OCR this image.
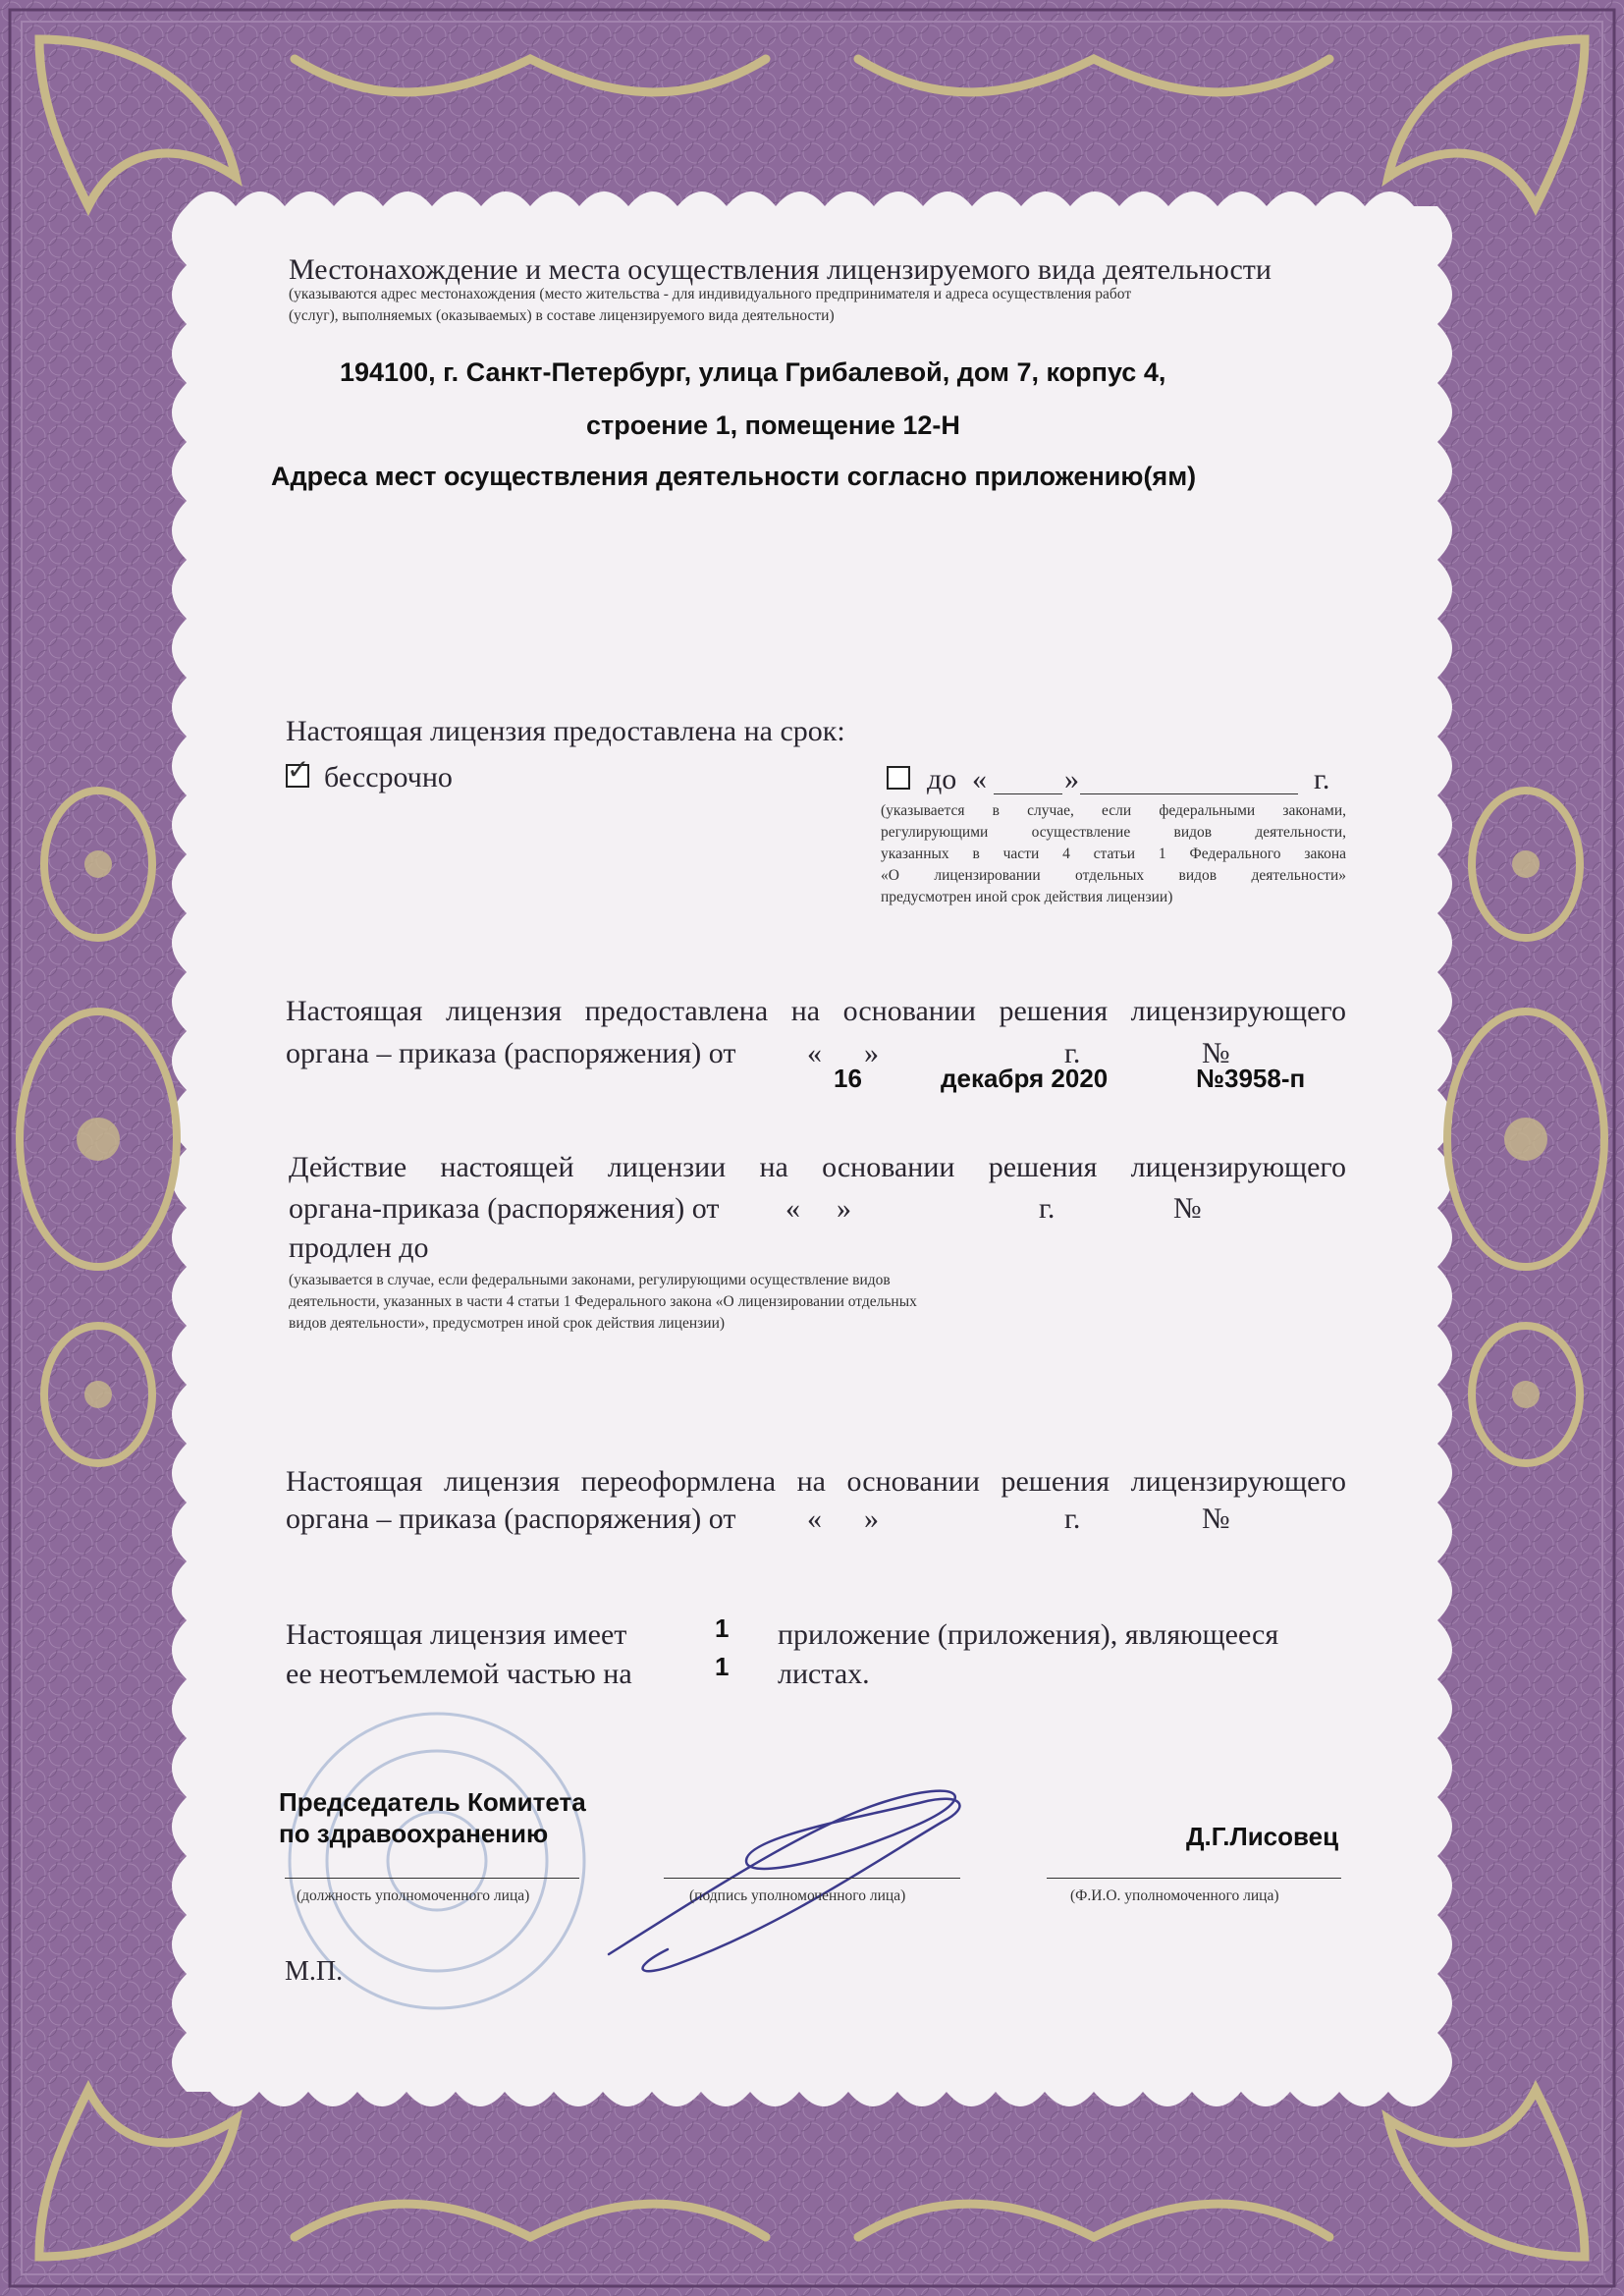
Местонахождение и места осуществления лицензируемого вида деятельности
(указываются адрес местонахождения (место жительства - для индивидуального предпринимателя и адреса осуществления работ
(услуг), выполняемых (оказываемых) в составе лицензируемого вида деятельности)
194100, г. Санкт-Петербург, улица Грибалевой, дом 7, корпус 4,
строение 1, помещение 12-Н
Адреса мест осуществления деятельности согласно приложению(ям)
Настоящая лицензия предоставлена на срок:
✓ бессрочно	до «	»	г.
(указывается в случае, если федеральными законами,
регулирующими осуществление видов деятельности,
указанных в части 4 статьи 1 Федерального закона
«О лицензировании отдельных видов деятельности»
предусмотрен иной срок действия лицензии)
Настоящая лицензия предоставлена на основании решения лицензирующего
органа – приказа (распоряжения) от « »	г.	№
16	декабря 2020	№3958-п
Действие настоящей лицензии на основании решения лицензирующего
органа-приказа (распоряжения) от « »	г.	№
продлен до
(указывается в случае, если федеральными законами, регулирующими осуществление видов
деятельности, указанных в части 4 статьи 1 Федерального закона «О лицензировании отдельных
видов деятельности», предусмотрен иной срок действия лицензии)
Настоящая лицензия переоформлена на основании решения лицензирующего
органа – приказа (распоряжения) от « »	г.	№
Настоящая лицензия имеет	1 приложение (приложения), являющееся
ее неотъемлемой частью на	1 листах.
Председатель Комитета
по здравоохранению	Д.Г.Лисовец
(должность уполномоченного лица)	(подпись уполномоченного лица)	(Ф.И.О. уполномоченного лица)
М.П.
